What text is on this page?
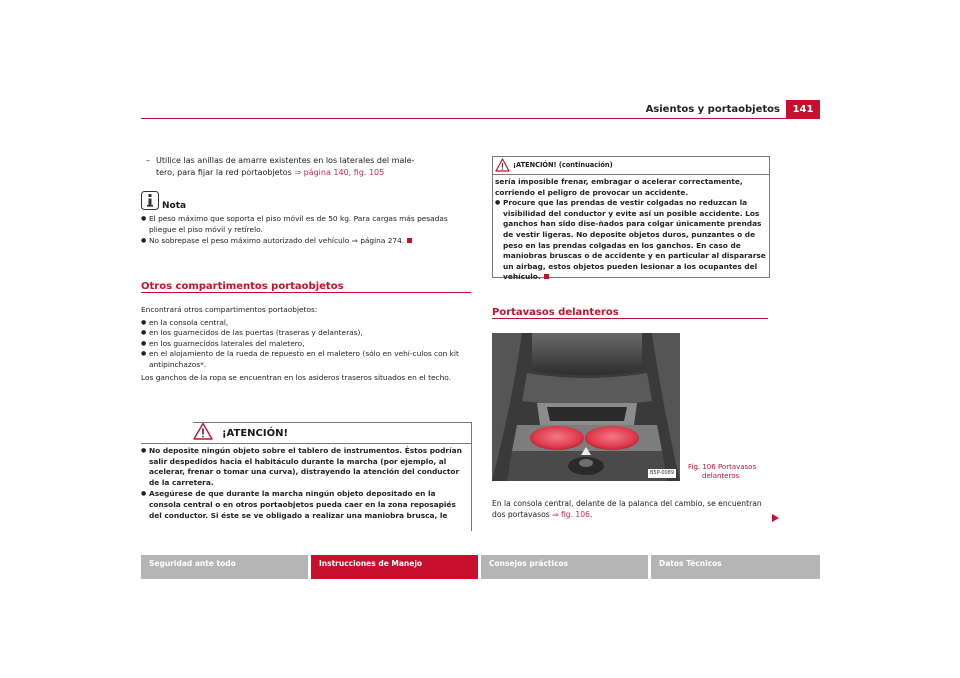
Asientos y portaobjetos	141
– Utilice las anillas de amarre existentes en los laterales del male-
tero, para fijar la red portaobjetos ⇒ página 140, fig. 105
Nota
● El peso máximo que soporta el piso móvil es de 50 kg. Para cargas más pesadas pliegue el piso móvil y retírelo.
● No sobrepase el peso máximo autorizado del vehículo ⇒ página 274.
Otros compartimentos portaobjetos
Encontrará otros compartimentos portaobjetos:
● en la consola central,
● en los guarnecidos de las puertas (traseras y delanteras),
● en los guarnecidos laterales del maletero,
● en el alojamiento de la rueda de repuesto en el maletero (sólo en vehí-culos con kit antipinchazos*.
Los ganchos de la ropa se encuentran en los asideros traseros situados en el techo.
¡ATENCIÓN!
● No deposite ningún objeto sobre el tablero de instrumentos. Éstos podrían salir despedidos hacia el habitáculo durante la marcha (por ejemplo, al acelerar, frenar o tomar una curva), distrayendo la atención del conductor de la carretera.
● Asegúrese de que durante la marcha ningún objeto depositado en la consola central o en otros portaobjetos pueda caer en la zona reposapiés del conductor. Si éste se ve obligado a realizar una maniobra brusca, le
¡ATENCIÓN! (continuación)
sería imposible frenar, embragar o acelerar correctamente, corriendo el peligro de provocar un accidente.
● Procure que las prendas de vestir colgadas no reduzcan la visibilidad del conductor y evite así un posible accidente. Los ganchos han sido dise-ñados para colgar únicamente prendas de vestir ligeras. No deposite objetos duros, punzantes o de peso en las prendas colgadas en los ganchos. En caso de maniobras bruscas o de accidente y en particular al dispararse un airbag, estos objetos pueden lesionar a los ocupantes del vehículo.
Portavasos delanteros
B5P-0089
Fig. 106 Portavasos
delanteros
En la consola central, delante de la palanca del cambio, se encuentran dos portavasos ⇒ fig. 106.
Seguridad ante todo	Instrucciones de Manejo	Consejos prácticos	Datos Técnicos
